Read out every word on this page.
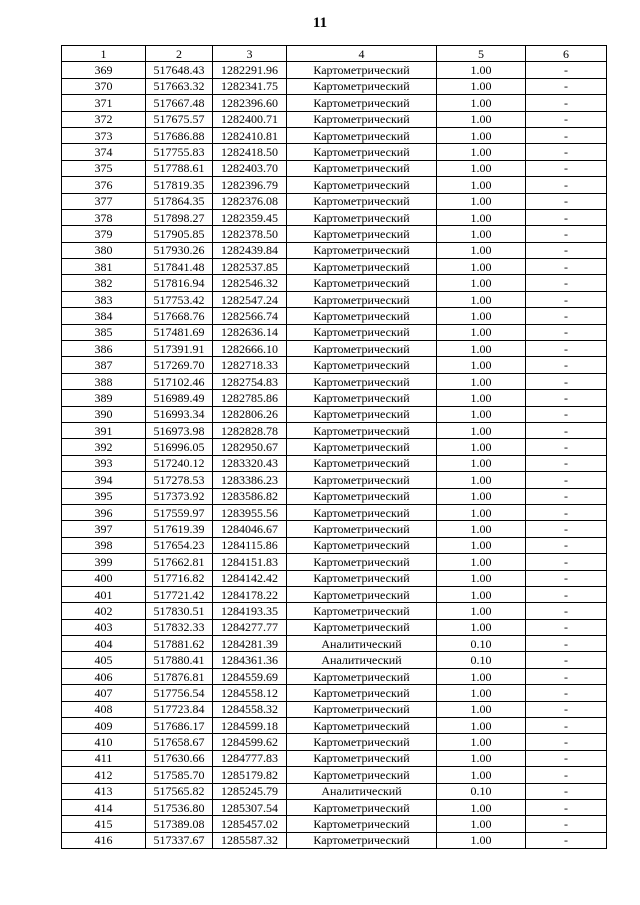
11
1	2	3	4	5	6
369	517648.43	1282291.96	Картометрический	1.00	-
370	517663.32	1282341.75	Картометрический	1.00	-
371	517667.48	1282396.60	Картометрический	1.00	-
372	517675.57	1282400.71	Картометрический	1.00	-
373	517686.88	1282410.81	Картометрический	1.00	-
374	517755.83	1282418.50	Картометрический	1.00	-
375	517788.61	1282403.70	Картометрический	1.00	-
376	517819.35	1282396.79	Картометрический	1.00	-
377	517864.35	1282376.08	Картометрический	1.00	-
378	517898.27	1282359.45	Картометрический	1.00	-
379	517905.85	1282378.50	Картометрический	1.00	-
380	517930.26	1282439.84	Картометрический	1.00	-
381	517841.48	1282537.85	Картометрический	1.00	-
382	517816.94	1282546.32	Картометрический	1.00	-
383	517753.42	1282547.24	Картометрический	1.00	-
384	517668.76	1282566.74	Картометрический	1.00	-
385	517481.69	1282636.14	Картометрический	1.00	-
386	517391.91	1282666.10	Картометрический	1.00	-
387	517269.70	1282718.33	Картометрический	1.00	-
388	517102.46	1282754.83	Картометрический	1.00	-
389	516989.49	1282785.86	Картометрический	1.00	-
390	516993.34	1282806.26	Картометрический	1.00	-
391	516973.98	1282828.78	Картометрический	1.00	-
392	516996.05	1282950.67	Картометрический	1.00	-
393	517240.12	1283320.43	Картометрический	1.00	-
394	517278.53	1283386.23	Картометрический	1.00	-
395	517373.92	1283586.82	Картометрический	1.00	-
396	517559.97	1283955.56	Картометрический	1.00	-
397	517619.39	1284046.67	Картометрический	1.00	-
398	517654.23	1284115.86	Картометрический	1.00	-
399	517662.81	1284151.83	Картометрический	1.00	-
400	517716.82	1284142.42	Картометрический	1.00	-
401	517721.42	1284178.22	Картометрический	1.00	-
402	517830.51	1284193.35	Картометрический	1.00	-
403	517832.33	1284277.77	Картометрический	1.00	-
404	517881.62	1284281.39	Аналитический	0.10	-
405	517880.41	1284361.36	Аналитический	0.10	-
406	517876.81	1284559.69	Картометрический	1.00	-
407	517756.54	1284558.12	Картометрический	1.00	-
408	517723.84	1284558.32	Картометрический	1.00	-
409	517686.17	1284599.18	Картометрический	1.00	-
410	517658.67	1284599.62	Картометрический	1.00	-
411	517630.66	1284777.83	Картометрический	1.00	-
412	517585.70	1285179.82	Картометрический	1.00	-
413	517565.82	1285245.79	Аналитический	0.10	-
414	517536.80	1285307.54	Картометрический	1.00	-
415	517389.08	1285457.02	Картометрический	1.00	-
416	517337.67	1285587.32	Картометрический	1.00	-
